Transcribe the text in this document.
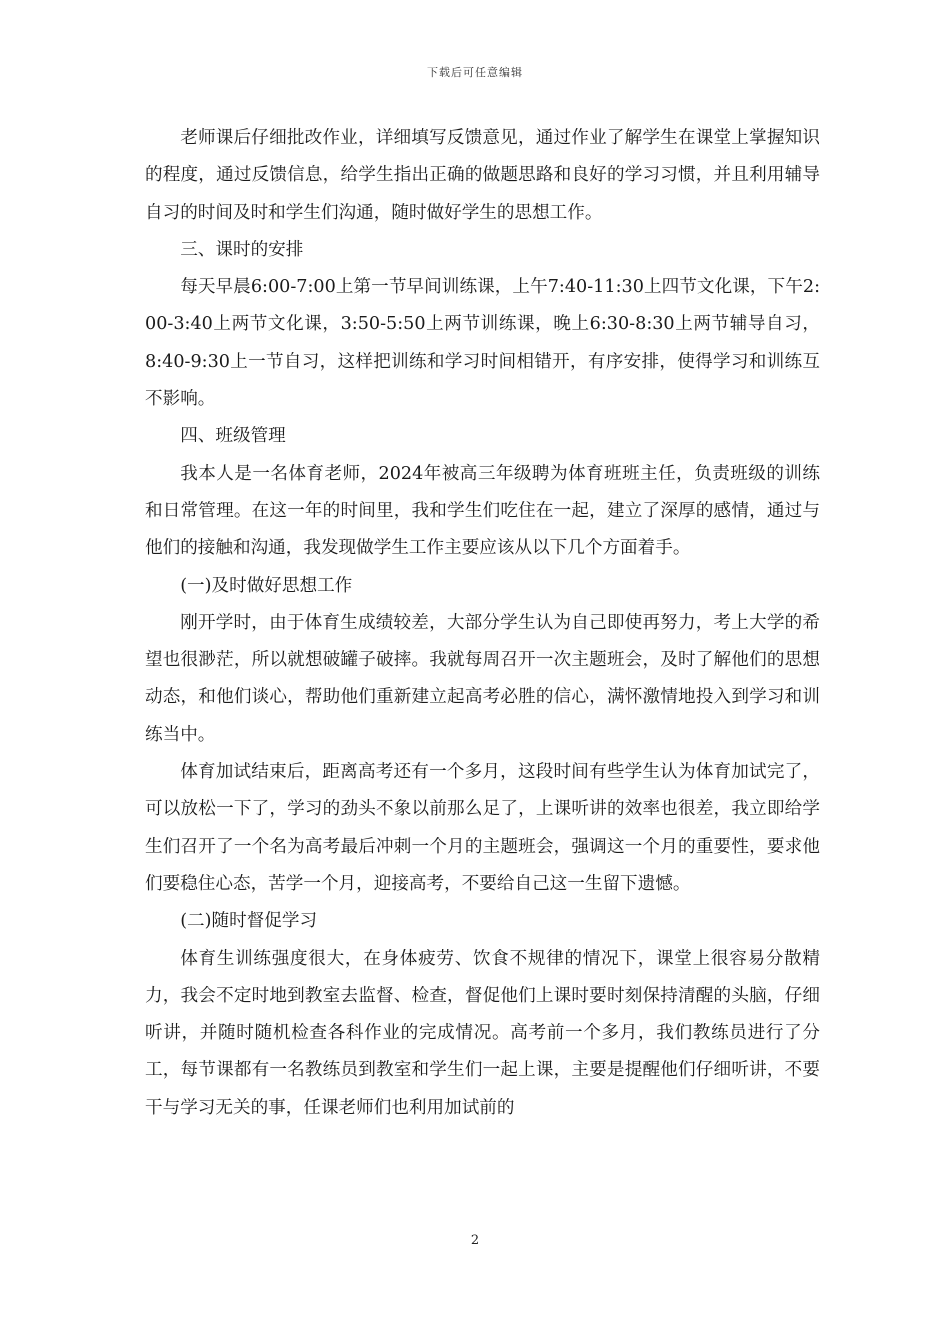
下载后可任意编辑

老师课后仔细批改作业，详细填写反馈意见，通过作业了解学生在课堂上掌握知识的程度，通过反馈信息，给学生指出正确的做题思路和良好的学习习惯，并且利用辅导自习的时间及时和学生们沟通，随时做好学生的思想工作。

三、课时的安排

每天早晨6:00-7:00上第一节早间训练课，上午7:40-11:30上四节文化课，下午2:00-3:40上两节文化课，3:50-5:50上两节训练课，晚上6:30-8:30上两节辅导自习，8:40-9:30上一节自习，这样把训练和学习时间相错开，有序安排，使得学习和训练互不影响。

四、班级管理

我本人是一名体育老师，2024年被高三年级聘为体育班班主任，负责班级的训练和日常管理。在这一年的时间里，我和学生们吃住在一起，建立了深厚的感情，通过与他们的接触和沟通，我发现做学生工作主要应该从以下几个方面着手。

(一)及时做好思想工作

刚开学时，由于体育生成绩较差，大部分学生认为自己即使再努力，考上大学的希望也很渺茫，所以就想破罐子破摔。我就每周召开一次主题班会，及时了解他们的思想动态，和他们谈心，帮助他们重新建立起高考必胜的信心，满怀激情地投入到学习和训练当中。

体育加试结束后，距离高考还有一个多月，这段时间有些学生认为体育加试完了，可以放松一下了，学习的劲头不象以前那么足了，上课听讲的效率也很差，我立即给学生们召开了一个名为高考最后冲刺一个月的主题班会，强调这一个月的重要性，要求他们要稳住心态，苦学一个月，迎接高考，不要给自己这一生留下遗憾。

(二)随时督促学习

体育生训练强度很大，在身体疲劳、饮食不规律的情况下，课堂上很容易分散精力，我会不定时地到教室去监督、检查，督促他们上课时要时刻保持清醒的头脑，仔细听讲，并随时随机检查各科作业的完成情况。高考前一个多月，我们教练员进行了分工，每节课都有一名教练员到教室和学生们一起上课，主要是提醒他们仔细听讲，不要干与学习无关的事，任课老师们也利用加试前的

2
